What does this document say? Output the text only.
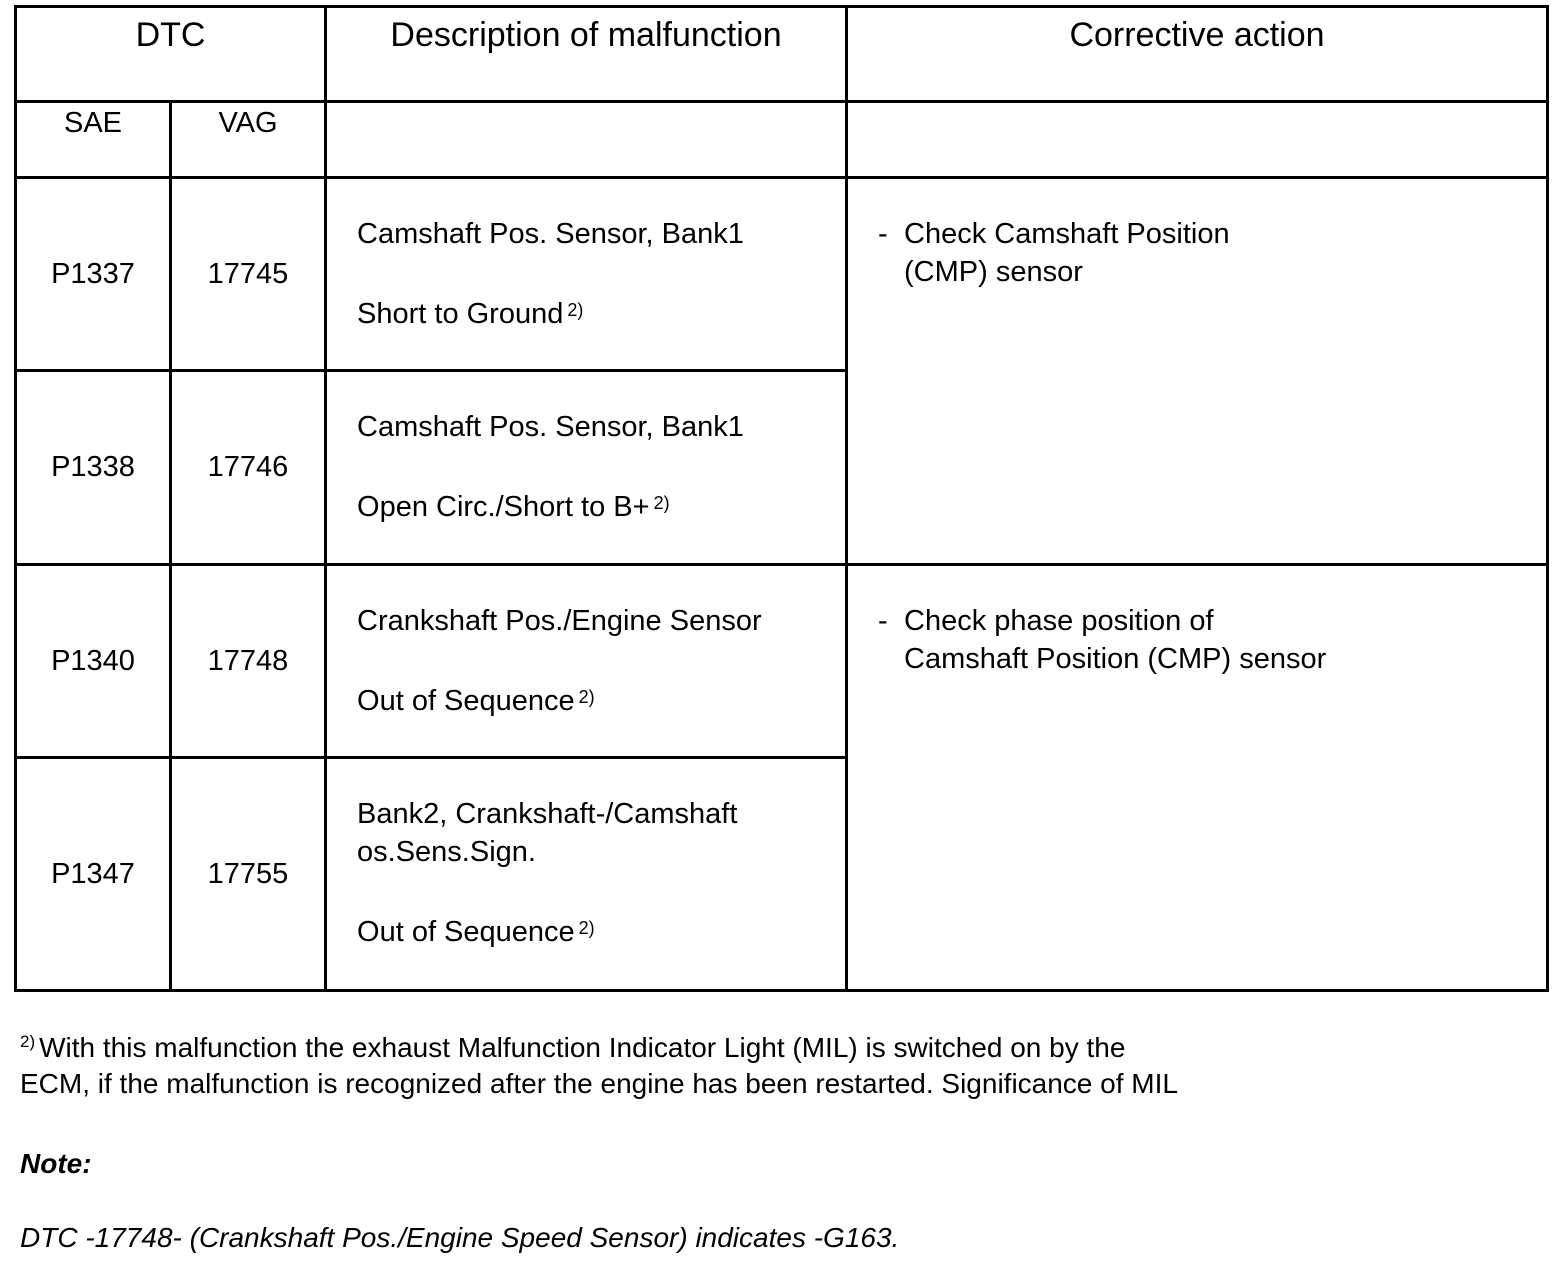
DTC		Description of malfunction	Corrective action

SAE	VAG		

P1337	17745	Camshaft Pos. Sensor, Bank1
Short to Ground $^{2)}$	- Check Camshaft Position
(CMP) sensor

P1338	17746	Camshaft Pos. Sensor, Bank1
Open Circ./Short to B+ $^{2)}$

P1340	17748	Crankshaft Pos./Engine Sensor
Out of Sequence $^{2)}$	- Check phase position of
Camshaft Position (CMP) sensor

P1347	17755	Bank2, Crankshaft-/Camshaft
os.Sens.Sign.
Out of Sequence $^{2)}$
$^{2)}$ With this malfunction the exhaust Malfunction Indicator Light (MIL) is switched on by the
ECM, if the malfunction is recognized after the engine has been restarted. Significance of MIL
Note:
DTC -17748- (Crankshaft Pos./Engine Speed Sensor) indicates -G163.
